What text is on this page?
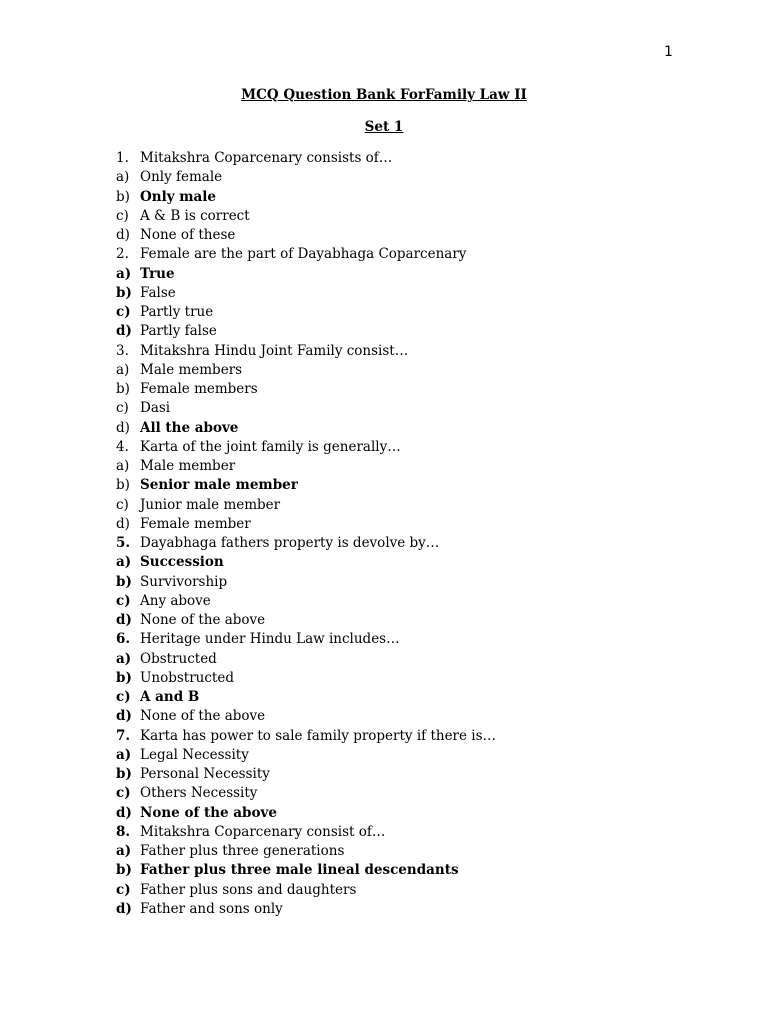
1
MCQ Question Bank ForFamily Law II
Set 1
1. Mitakshra Coparcenary consists of…
a) Only female
b) Only male
c) A & B is correct
d) None of these
2. Female are the part of Dayabhaga Coparcenary
a) True
b) False
c) Partly true
d) Partly false
3. Mitakshra Hindu Joint Family consist…
a) Male members
b) Female members
c) Dasi
d) All the above
4. Karta of the joint family is generally…
a) Male member
b) Senior male member
c) Junior male member
d) Female member
5. Dayabhaga fathers property is devolve by…
a) Succession
b) Survivorship
c) Any above
d) None of the above
6. Heritage under Hindu Law includes…
a) Obstructed
b) Unobstructed
c) A and B
d) None of the above
7. Karta has power to sale family property if there is…
a) Legal Necessity
b) Personal Necessity
c) Others Necessity
d) None of the above
8. Mitakshra Coparcenary consist of…
a) Father plus three generations
b) Father plus three male lineal descendants
c) Father plus sons and daughters
d) Father and sons only
